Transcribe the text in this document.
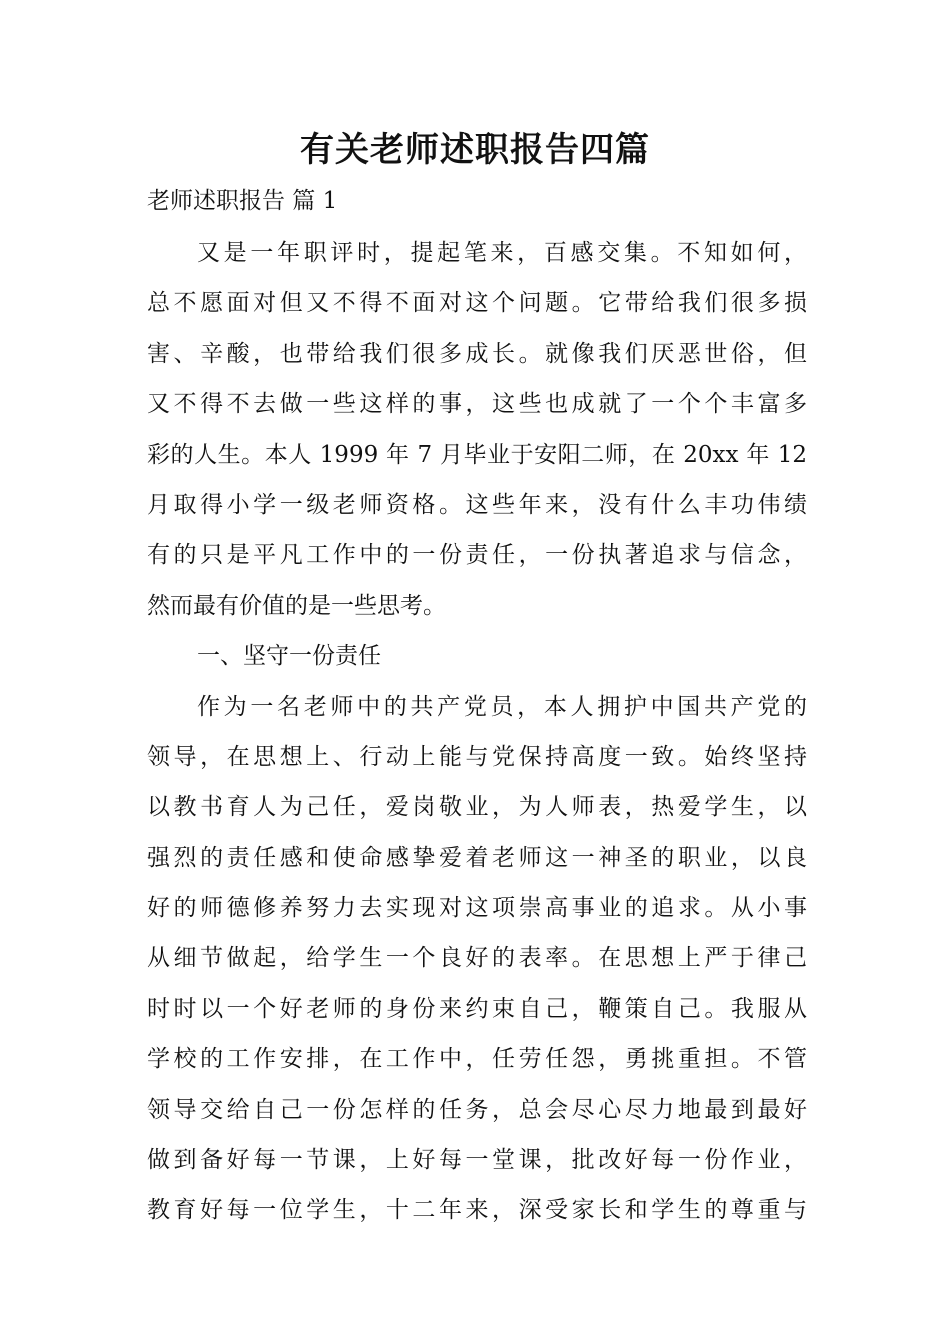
有关老师述职报告四篇
老师述职报告 篇 1
又是一年职评时，提起笔来，百感交集。不知如何，
总不愿面对但又不得不面对这个问题。它带给我们很多损
害、辛酸，也带给我们很多成长。就像我们厌恶世俗，但
又不得不去做一些这样的事，这些也成就了一个个丰富多
彩的人生。本人 1999 年 7 月毕业于安阳二师，在 20xx 年 12
月取得小学一级老师资格。这些年来，没有什么丰功伟绩
有的只是平凡工作中的一份责任，一份执著追求与信念，
然而最有价值的是一些思考。
一、坚守一份责任
作为一名老师中的共产党员，本人拥护中国共产党的
领导，在思想上、行动上能与党保持高度一致。始终坚持
以教书育人为己任，爱岗敬业，为人师表，热爱学生，以
强烈的责任感和使命感挚爱着老师这一神圣的职业，以良
好的师德修养努力去实现对这项崇高事业的追求。从小事
从细节做起，给学生一个良好的表率。在思想上严于律己
时时以一个好老师的身份来约束自己，鞭策自己。我服从
学校的工作安排，在工作中，任劳任怨，勇挑重担。不管
领导交给自己一份怎样的任务，总会尽心尽力地最到最好
做到备好每一节课，上好每一堂课，批改好每一份作业，
教育好每一位学生，十二年来，深受家长和学生的尊重与
